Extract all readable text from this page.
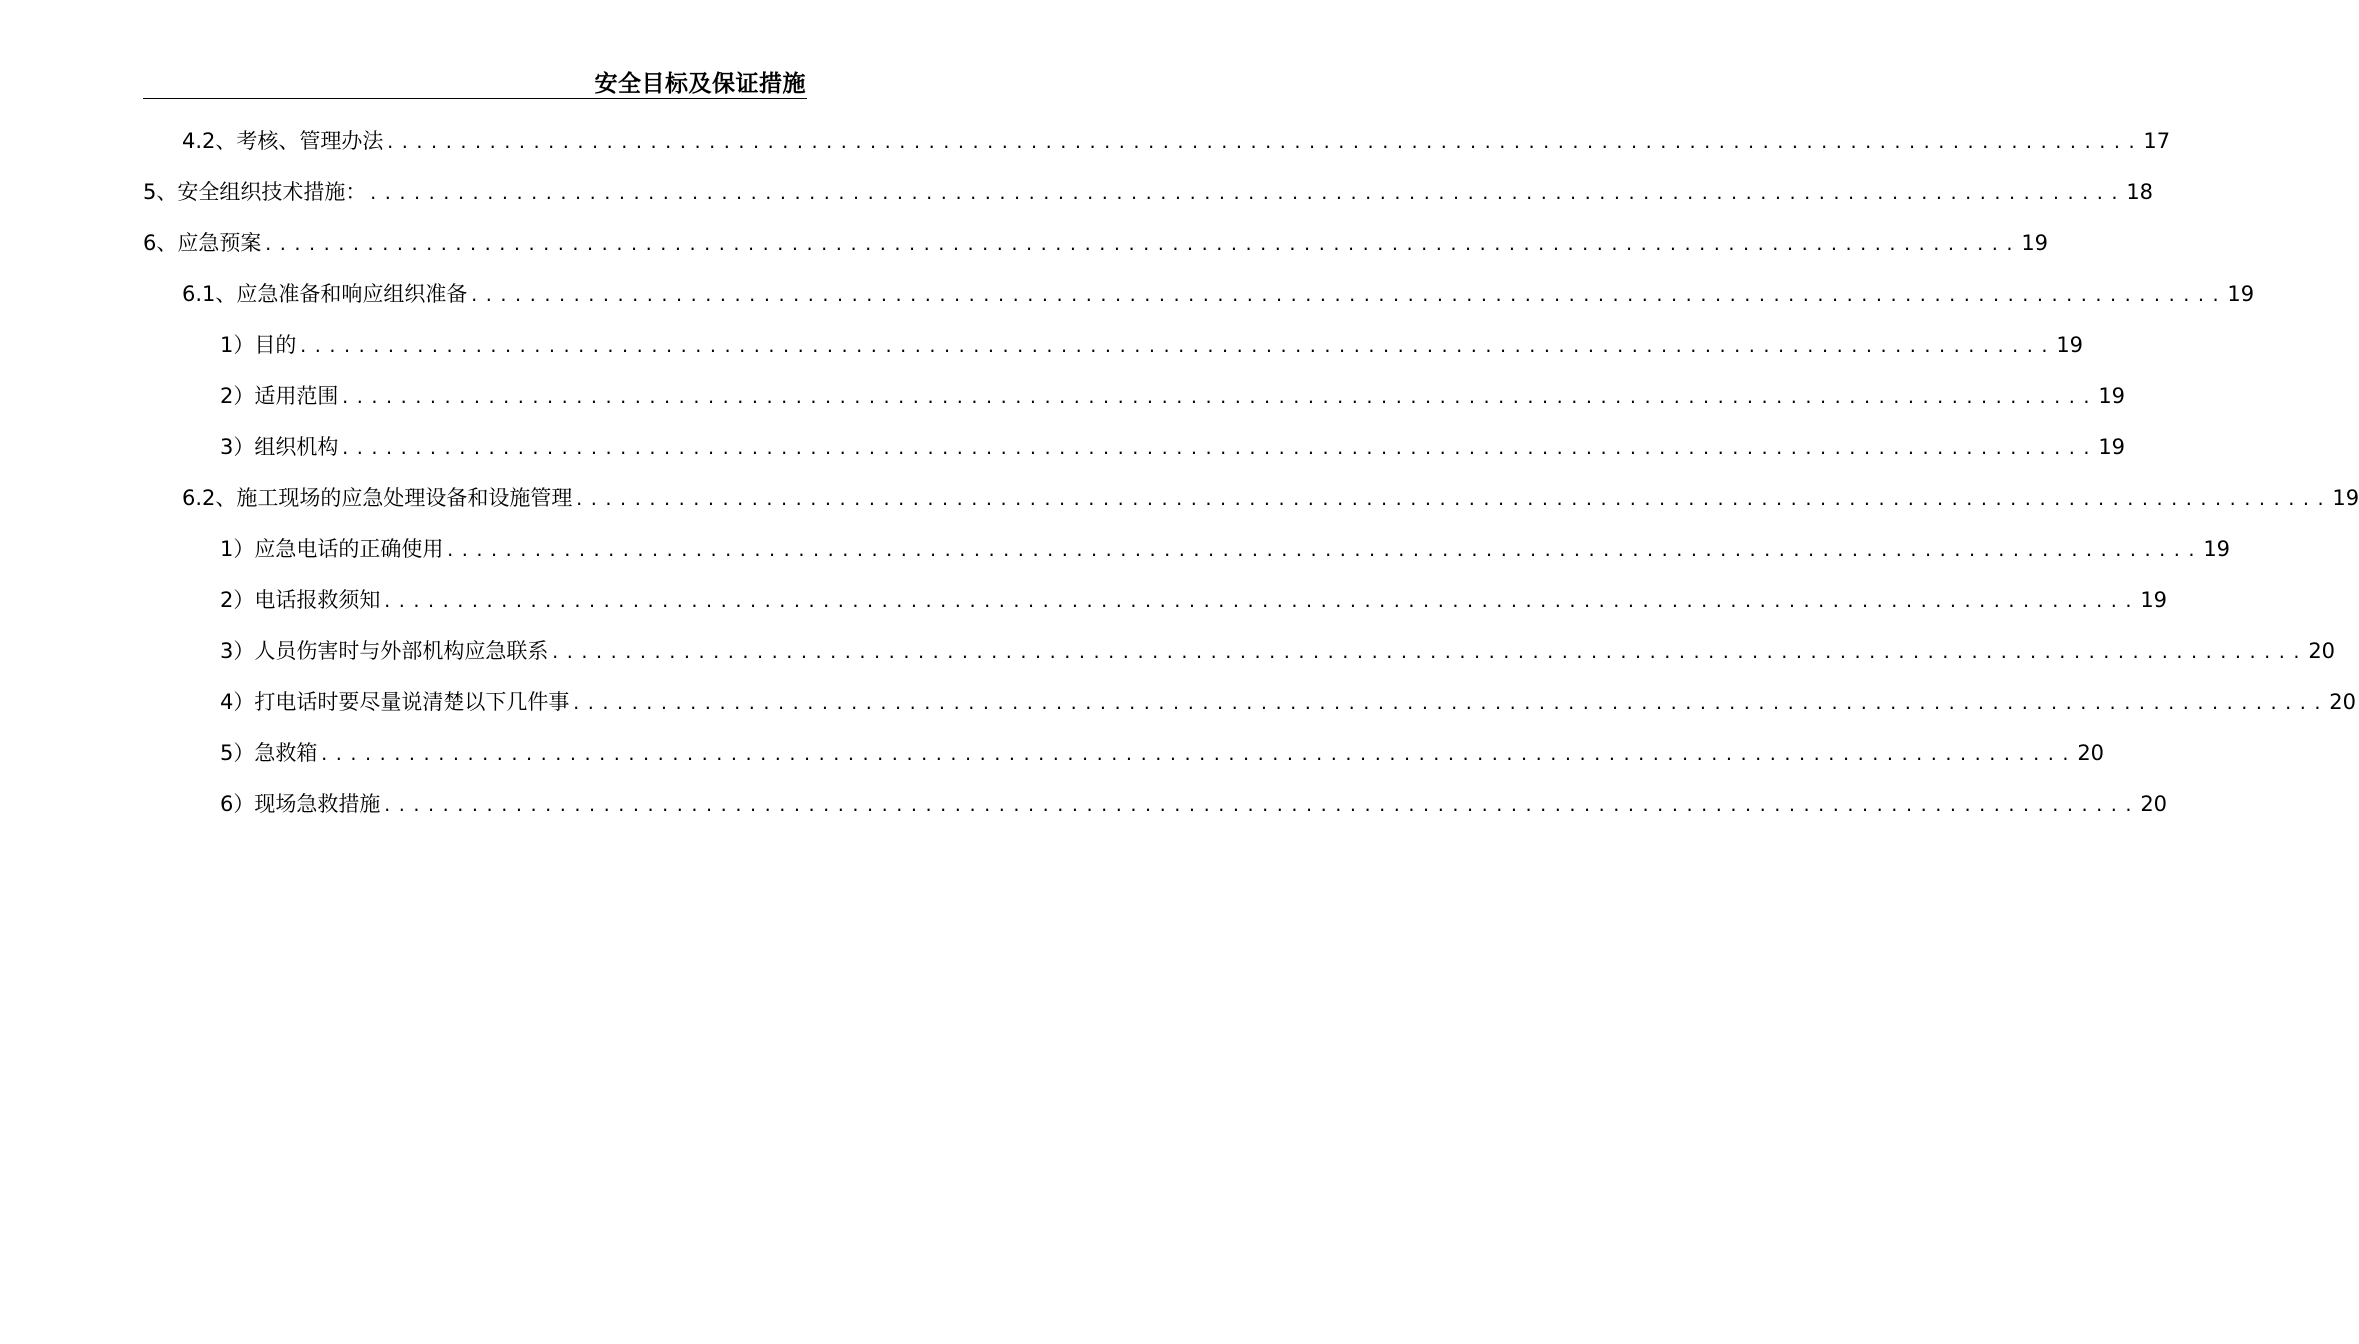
安全目标及保证措施
4.2、考核、管理办法 ........................................................................................................................ 17
5、安全组织技术措施： ........................................................................................................................ 18
6、应急预案 ........................................................................................................................ 19
6.1、应急准备和响应组织准备 ........................................................................................................................ 19
1）目的 ........................................................................................................................ 19
2）适用范围 ........................................................................................................................ 19
3）组织机构 ........................................................................................................................ 19
6.2、施工现场的应急处理设备和设施管理 ........................................................................................................................ 19
1）应急电话的正确使用 ........................................................................................................................ 19
2）电话报救须知 ........................................................................................................................ 19
3）人员伤害时与外部机构应急联系 ........................................................................................................................ 20
4）打电话时要尽量说清楚以下几件事 ........................................................................................................................ 20
5）急救箱 ........................................................................................................................ 20
6）现场急救措施 ........................................................................................................................ 20
